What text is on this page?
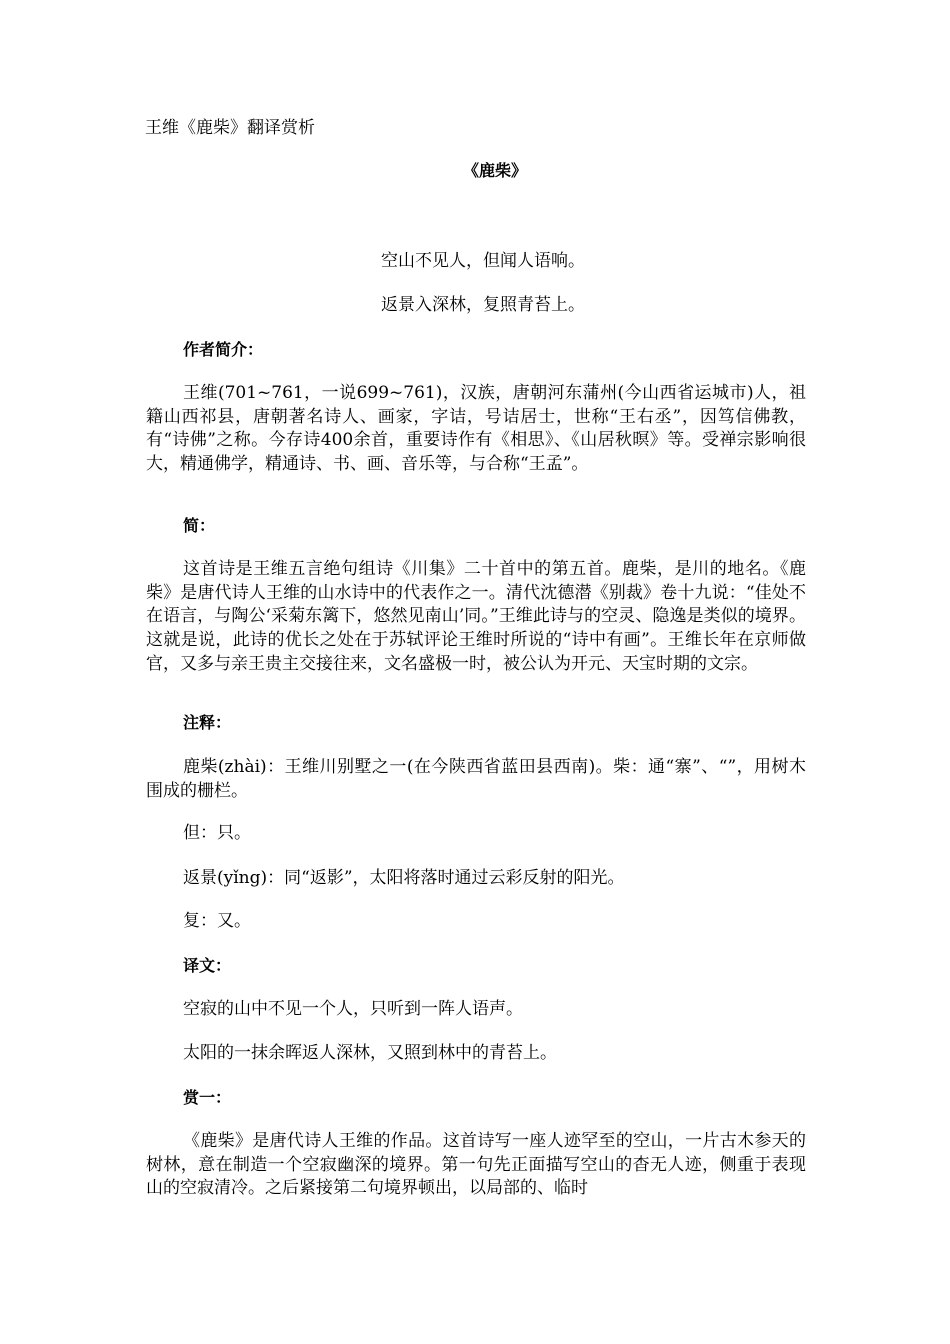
王维《鹿柴》翻译赏析
《鹿柴》
空山不见人，但闻人语响。
返景入深林，复照青苔上。
作者简介：
王维(701~761，一说699~761)，汉族，唐朝河东蒲州(今山西省运城市)人，祖籍山西祁县，唐朝著名诗人、画家，字诘，号诘居士，世称“王右丞”，因笃信佛教，有“诗佛”之称。今存诗400余首，重要诗作有《相思》、《山居秋暝》等。受禅宗影响很大，精通佛学，精通诗、书、画、音乐等，与合称“王孟”。
简：
这首诗是王维五言绝句组诗《川集》二十首中的第五首。鹿柴，是川的地名。《鹿柴》是唐代诗人王维的山水诗中的代表作之一。清代沈德潜《别裁》卷十九说：“佳处不在语言，与陶公‘采菊东篱下，悠然见南山’同。”王维此诗与的空灵、隐逸是类似的境界。这就是说，此诗的优长之处在于苏轼评论王维时所说的“诗中有画”。王维长年在京师做官，又多与亲王贵主交接往来，文名盛极一时，被公认为开元、天宝时期的文宗。
注释：
鹿柴(zhài)：王维川别墅之一(在今陕西省蓝田县西南)。柴：通“寨”、“”，用树木围成的栅栏。
但：只。
返景(yǐng)：同“返影”，太阳将落时通过云彩反射的阳光。
复：又。
译文：
空寂的山中不见一个人，只听到一阵人语声。
太阳的一抹余晖返人深林，又照到林中的青苔上。
赏一：
《鹿柴》是唐代诗人王维的作品。这首诗写一座人迹罕至的空山，一片古木参天的树林，意在制造一个空寂幽深的境界。第一句先正面描写空山的杳无人迹，侧重于表现山的空寂清冷。之后紧接第二句境界顿出，以局部的、临时
